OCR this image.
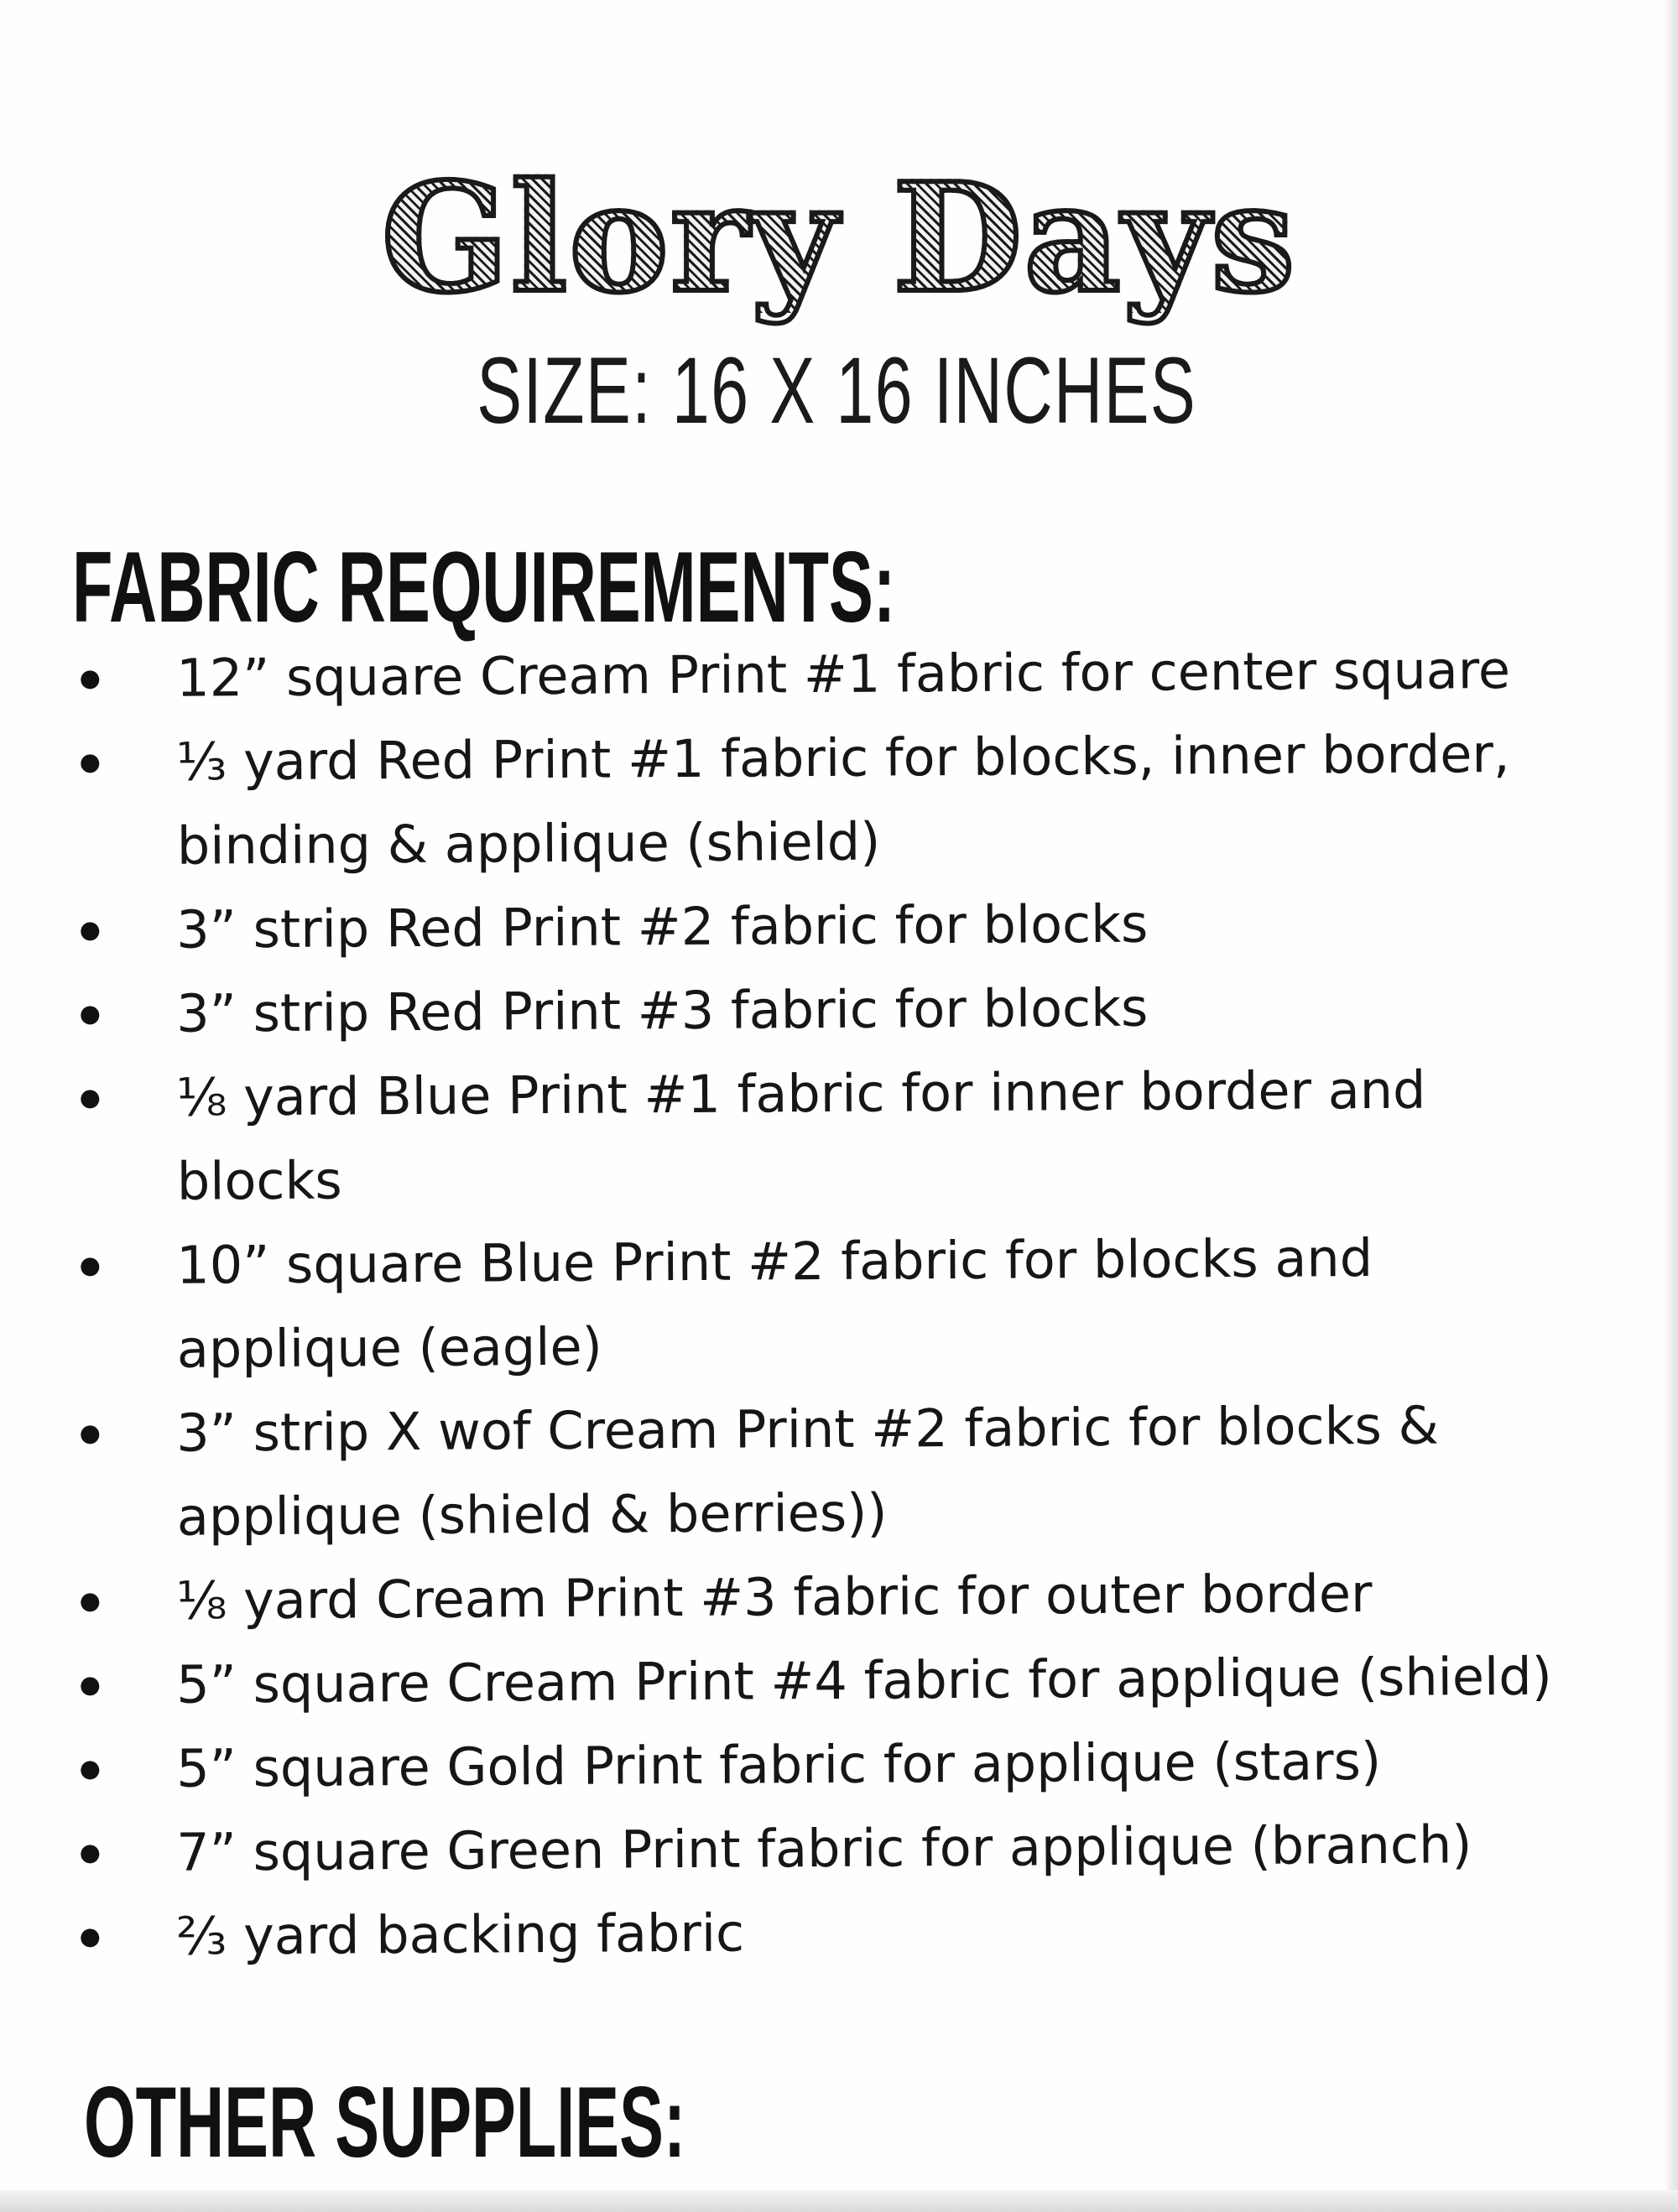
Glory Days
SIZE: 16 X 16 INCHES
FABRIC REQUIREMENTS:
12” square Cream Print #1 fabric for center square
⅓ yard Red Print #1 fabric for blocks, inner border, binding & applique (shield)
3” strip Red Print #2 fabric for blocks
3” strip Red Print #3 fabric for blocks
⅛ yard Blue Print #1 fabric for inner border and blocks
10” square Blue Print #2 fabric for blocks and applique (eagle)
3” strip X wof Cream Print #2 fabric for blocks & applique (shield & berries))
⅛ yard Cream Print #3 fabric for outer border
5” square Cream Print #4 fabric for applique (shield)
5” square Gold Print fabric for applique (stars)
7” square Green Print fabric for applique (branch)
⅔ yard backing fabric
OTHER SUPPLIES:
